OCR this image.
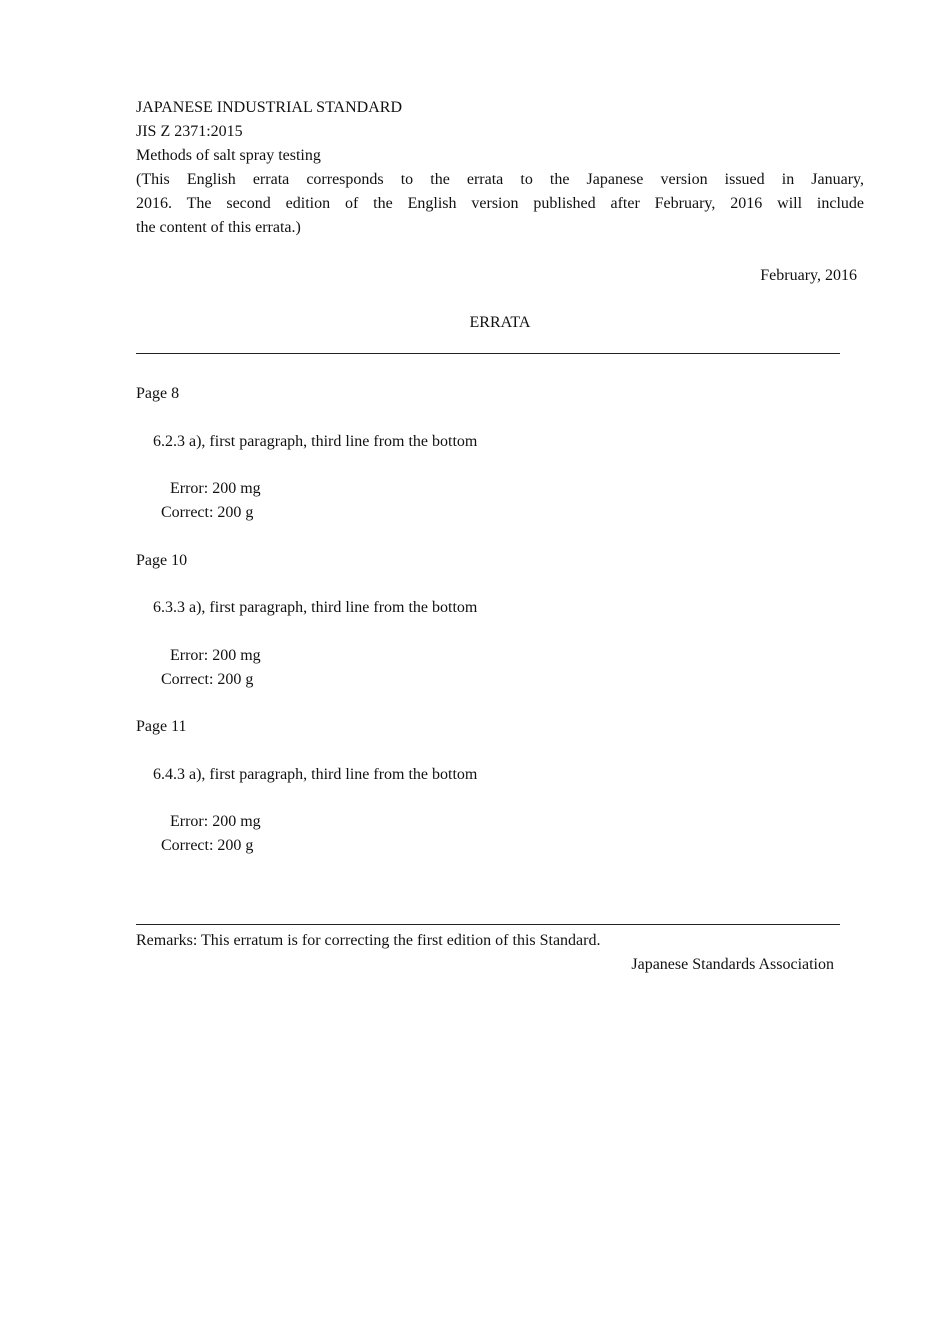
JAPANESE INDUSTRIAL STANDARD
JIS Z 2371:2015
Methods of salt spray testing
(This English errata corresponds to the errata to the Japanese version issued in January,
2016. The second edition of the English version published after February, 2016 will include
the content of this errata.)
February, 2016
ERRATA
Page 8
6.2.3 a), first paragraph, third line from the bottom
Error: 200 mg
Correct: 200 g
Page 10
6.3.3 a), first paragraph, third line from the bottom
Error: 200 mg
Correct: 200 g
Page 11
6.4.3 a), first paragraph, third line from the bottom
Error: 200 mg
Correct: 200 g
Remarks: This erratum is for correcting the first edition of this Standard.
Japanese Standards Association
